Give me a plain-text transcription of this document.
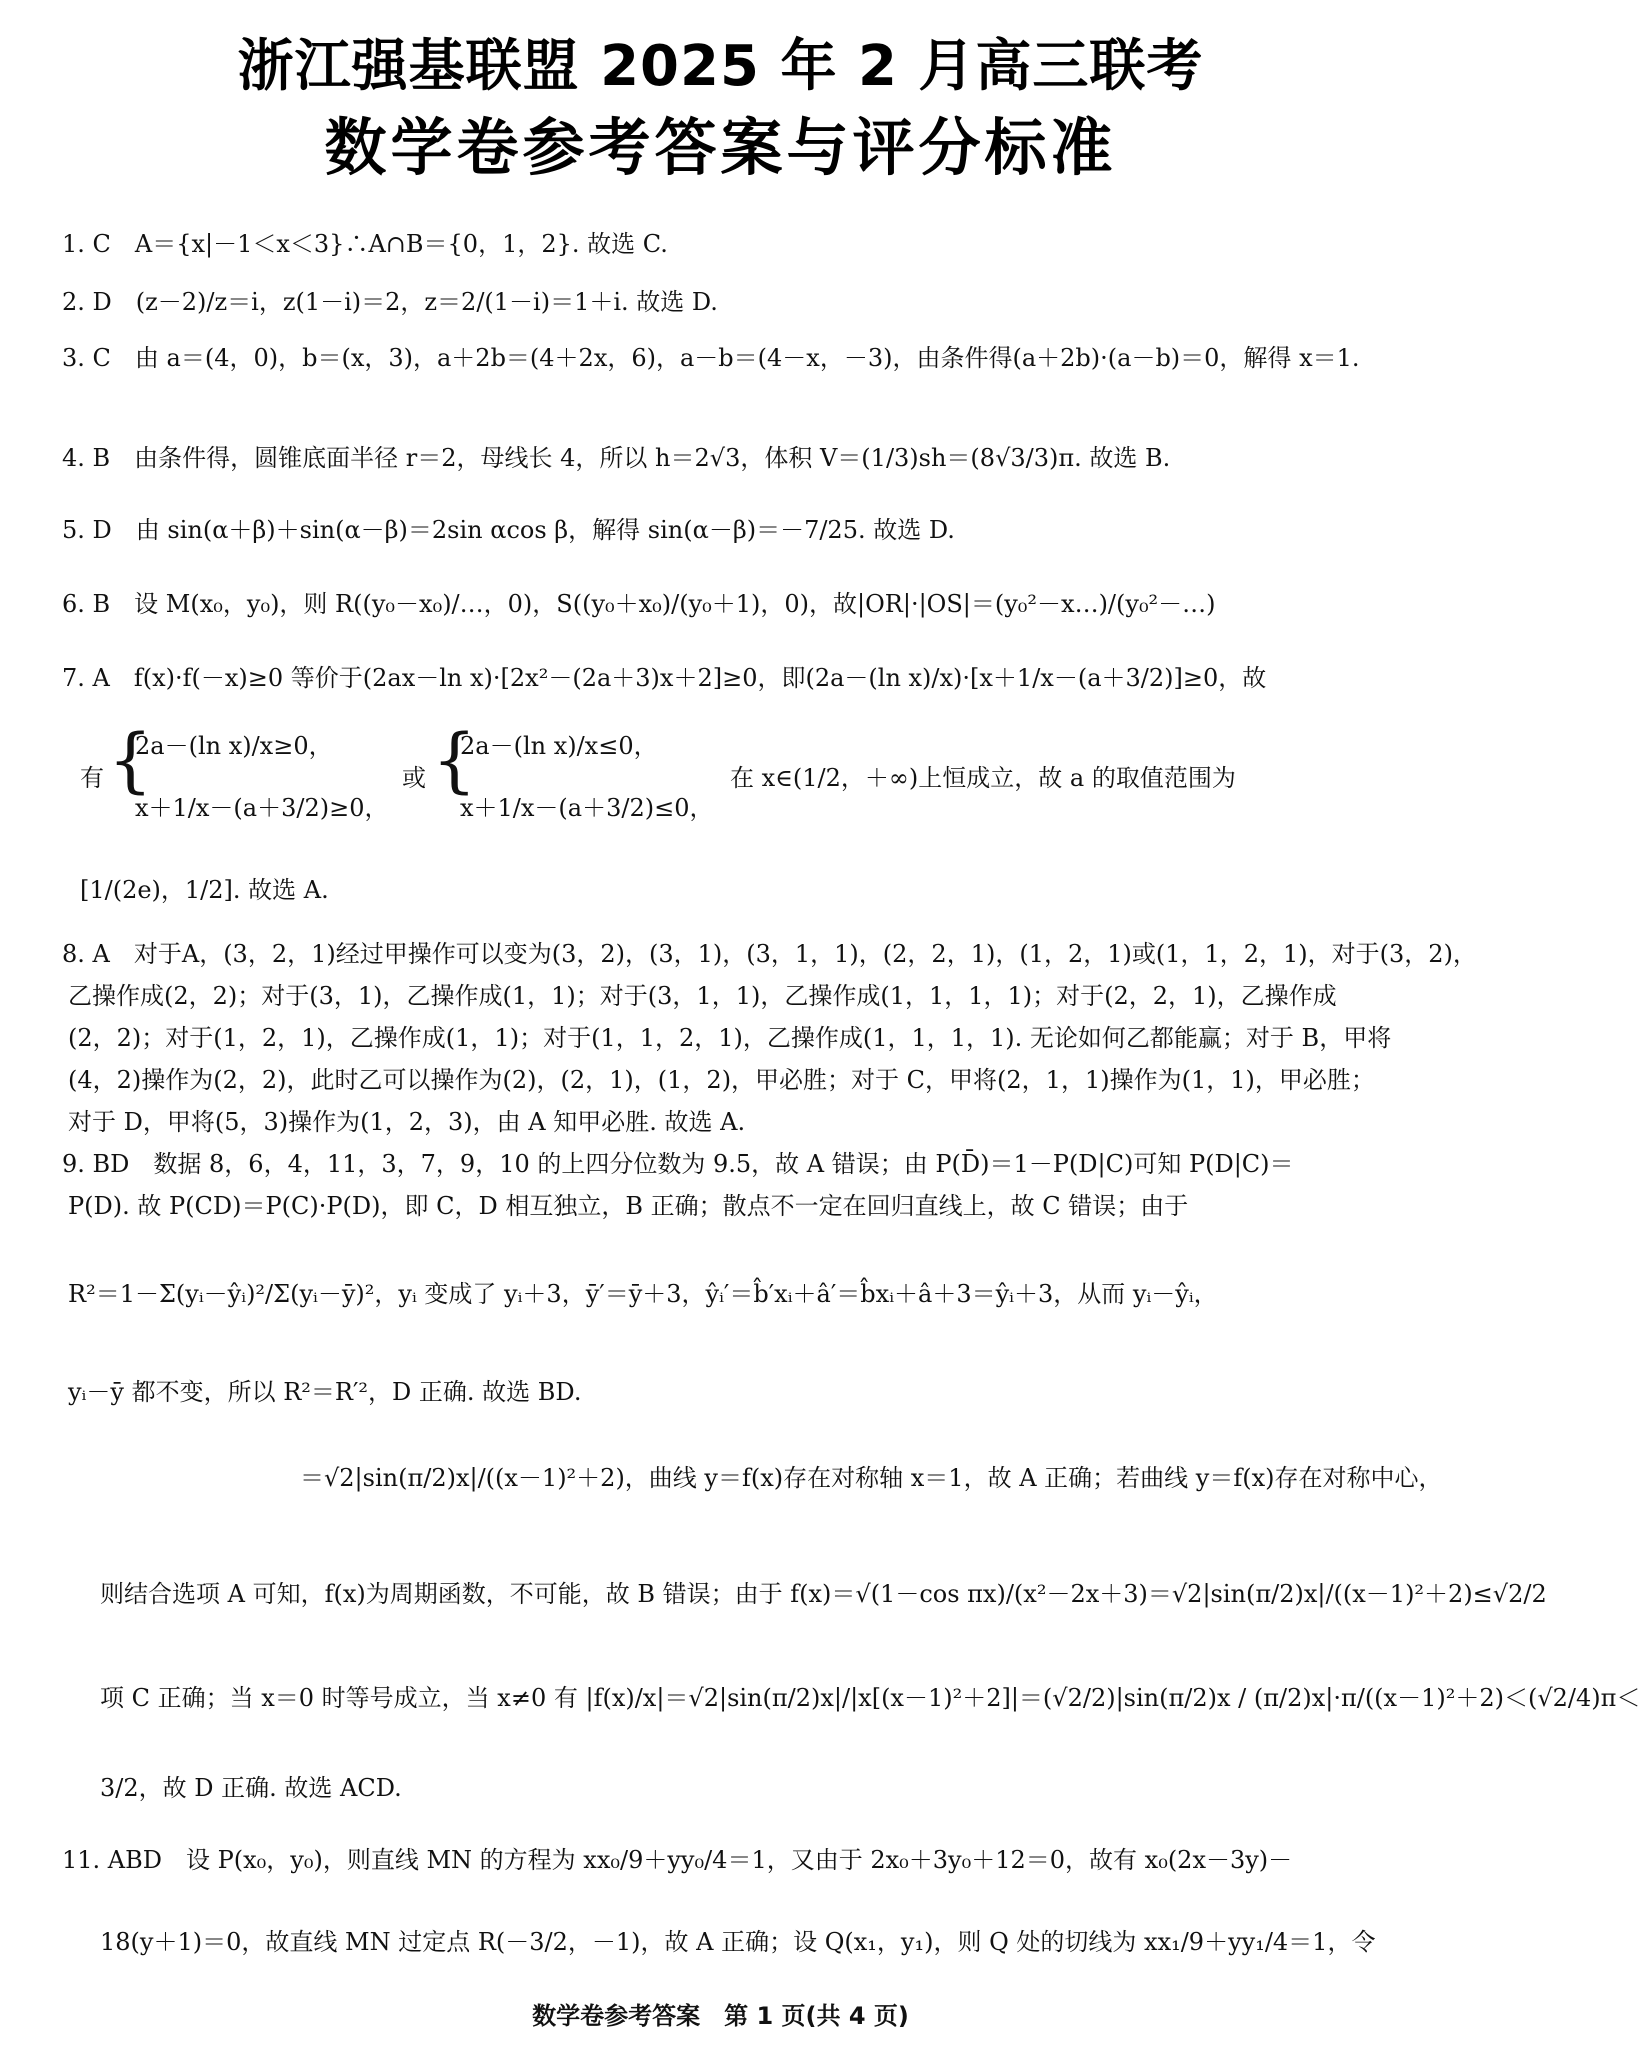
浙江强基联盟 2025 年 2 月高三联考
数学卷参考答案与评分标准
1. C　A＝{x|－1＜x＜3}∴A∩B＝{0，1，2}. 故选 C.
2. D　(z－2)/z＝i，z(1－i)＝2，z＝2/(1－i)＝1＋i. 故选 D.
3. C　由 a＝(4，0)，b＝(x，3)，a＋2b＝(4＋2x，6)，a－b＝(4－x，－3)，由条件得(a＋2b)·(a－b)＝0，解得 x＝1.
4. B　由条件得，圆锥底面半径 r＝2，母线长 4，所以 h＝2√3，体积 V＝(1/3)sh＝(8√3/3)π. 故选 B.
5. D　由 sin(α＋β)＋sin(α－β)＝2sin αcos β，解得 sin(α－β)＝－7/25. 故选 D.
6. B　设 M(x₀，y₀)，则 R((y₀－x₀)/…，0)，S((y₀＋x₀)/(y₀＋1)，0)，故|OR|·|OS|＝(y₀²－x…)/(y₀²－…)
7. A　f(x)·f(－x)≥0 等价于(2ax－ln x)·[2x²－(2a＋3)x＋2]≥0，即(2a－(ln x)/x)·[x＋1/x－(a＋3/2)]≥0，故
有 {
2a－(ln x)/x≥0，
x＋1/x－(a＋3/2)≥0，
或 {
2a－(ln x)/x≤0，
x＋1/x－(a＋3/2)≤0，
在 x∈(1/2，＋∞)上恒成立，故 a 的取值范围为
[1/(2e)，1/2]. 故选 A.
8. A　对于A，(3，2，1)经过甲操作可以变为(3，2)，(3，1)，(3，1，1)，(2，2，1)，(1，2，1)或(1，1，2，1)，对于(3，2)，
乙操作成(2，2)；对于(3，1)，乙操作成(1，1)；对于(3，1，1)，乙操作成(1，1，1，1)；对于(2，2，1)，乙操作成
(2，2)；对于(1，2，1)，乙操作成(1，1)；对于(1，1，2，1)，乙操作成(1，1，1，1). 无论如何乙都能赢；对于 B，甲将
(4，2)操作为(2，2)，此时乙可以操作为(2)，(2，1)，(1，2)，甲必胜；对于 C，甲将(2，1，1)操作为(1，1)，甲必胜；
对于 D，甲将(5，3)操作为(1，2，3)，由 A 知甲必胜. 故选 A.
9. BD　数据 8，6，4，11，3，7，9，10 的上四分位数为 9.5，故 A 错误；由 P(D̄)＝1－P(D|C)可知 P(D|C)＝
P(D). 故 P(CD)＝P(C)·P(D)，即 C，D 相互独立，B 正确；散点不一定在回归直线上，故 C 错误；由于
R²＝1－Σ(yᵢ－ŷᵢ)²/Σ(yᵢ－ȳ)²，yᵢ 变成了 yᵢ＋3，ȳ′＝ȳ＋3，ŷᵢ′＝b̂′xᵢ＋â′＝b̂xᵢ＋â＋3＝ŷᵢ＋3，从而 yᵢ－ŷᵢ，
yᵢ－ȳ 都不变，所以 R²＝R′²，D 正确. 故选 BD.
＝√2|sin(π/2)x|/((x－1)²＋2)，曲线 y＝f(x)存在对称轴 x＝1，故 A 正确；若曲线 y＝f(x)存在对称中心，
则结合选项 A 可知，f(x)为周期函数，不可能，故 B 错误；由于 f(x)＝√(1－cos πx)/(x²－2x＋3)＝√2|sin(π/2)x|/((x－1)²＋2)≤√2/2
项 C 正确；当 x＝0 时等号成立，当 x≠0 有 |f(x)/x|＝√2|sin(π/2)x|/|x[(x－1)²＋2]|＝(√2/2)|sin(π/2)x / (π/2)x|·π/((x－1)²＋2)＜(√2/4)π＜
3/2，故 D 正确. 故选 ACD.
11. ABD　设 P(x₀，y₀)，则直线 MN 的方程为 xx₀/9＋yy₀/4＝1，又由于 2x₀＋3y₀＋12＝0，故有 x₀(2x－3y)－
18(y＋1)＝0，故直线 MN 过定点 R(－3/2，－1)，故 A 正确；设 Q(x₁，y₁)，则 Q 处的切线为 xx₁/9＋yy₁/4＝1，令
数学卷参考答案　第 1 页(共 4 页)
